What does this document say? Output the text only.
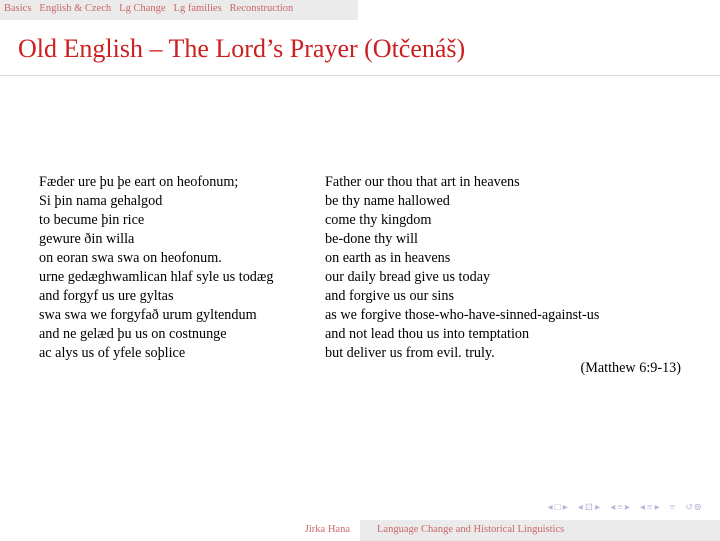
Basics English & Czech Lg Change Lg families Reconstruction
Old English – The Lord’s Prayer (Otčenáš)
Fæder ure þu þe eart on heofonum;
Si þin nama gehalgod
to becume þin rice
gewure ðin willa
on eoran swa swa on heofonum.
urne gedæghwamlican hlaf syle us todæg
and forgyf us ure gyltas
swa swa we forgyfað urum gyltendum
and ne gelæd þu us on costnunge
ac alys us of yfele soþlice
Father our thou that art in heavens
be thy name hallowed
come thy kingdom
be-done thy will
on earth as in heavens
our daily bread give us today
and forgive us our sins
as we forgive those-who-have-sinned-against-us
and not lead thou us into temptation
but deliver us from evil. truly.
(Matthew 6:9-13)
◂ □ ▸ ◂ ⊡ ▸ ◂ ≡ ▸ ◂ ≡ ▸ ≡ ↺⊚
Jirka Hana	Language Change and Historical Linguistics
